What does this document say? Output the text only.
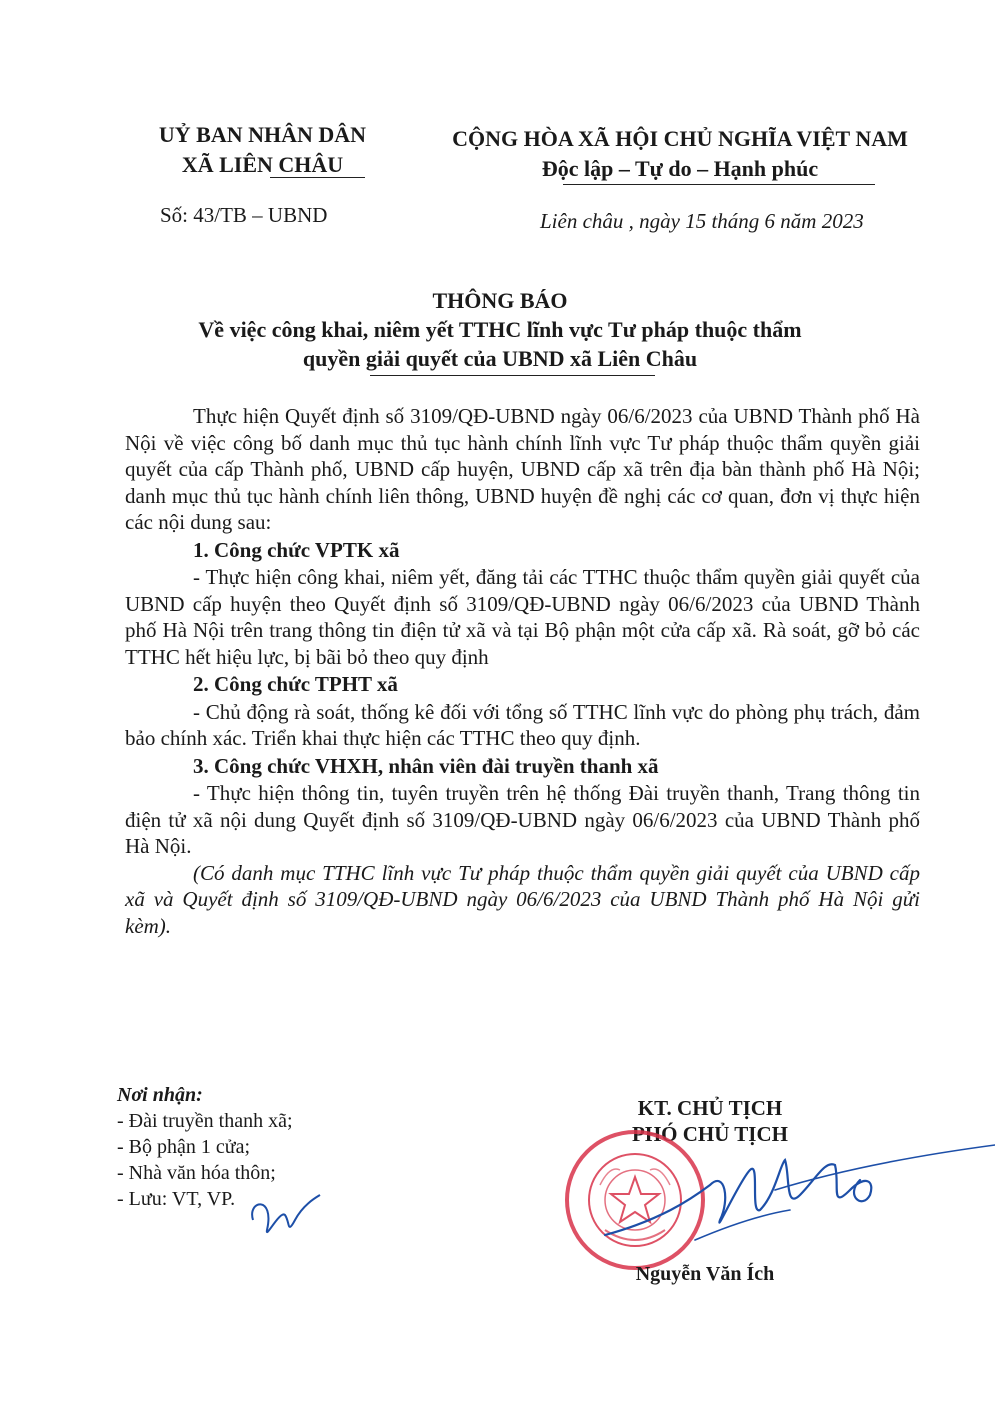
UỶ BAN NHÂN DÂN
XÃ LIÊN CHÂU
CỘNG HÒA XÃ HỘI CHỦ NGHĨA VIỆT NAM
Độc lập – Tự do – Hạnh phúc
Số: 43/TB – UBND	Liên châu , ngày 15 tháng 6 năm 2023
THÔNG BÁO
Về việc công khai, niêm yết TTHC lĩnh vực Tư pháp thuộc thẩm
quyền giải quyết của UBND xã Liên Châu

Thực hiện Quyết định số 3109/QĐ-UBND ngày 06/6/2023 của UBND Thành phố Hà Nội về việc công bố danh mục thủ tục hành chính lĩnh vực Tư pháp thuộc thẩm quyền giải quyết của cấp Thành phố, UBND cấp huyện, UBND cấp xã trên địa bàn thành phố Hà Nội; danh mục thủ tục hành chính liên thông, UBND huyện đề nghị các cơ quan, đơn vị thực hiện các nội dung sau:

1. Công chức VPTK xã

- Thực hiện công khai, niêm yết, đăng tải các TTHC thuộc thẩm quyền giải quyết của UBND cấp huyện theo Quyết định số 3109/QĐ-UBND ngày 06/6/2023 của UBND Thành phố Hà Nội trên trang thông tin điện tử xã và tại Bộ phận một cửa cấp xã. Rà soát, gỡ bỏ các TTHC hết hiệu lực, bị bãi bỏ theo quy định

2. Công chức TPHT xã

- Chủ động rà soát, thống kê đối với tổng số TTHC lĩnh vực do phòng phụ trách, đảm bảo chính xác. Triển khai thực hiện các TTHC theo quy định.

3. Công chức VHXH, nhân viên đài truyền thanh xã

- Thực hiện thông tin, tuyên truyền trên hệ thống Đài truyền thanh, Trang thông tin điện tử xã nội dung Quyết định số 3109/QĐ-UBND ngày 06/6/2023 của UBND Thành phố Hà Nội.

(Có danh mục TTHC lĩnh vực Tư pháp thuộc thẩm quyền giải quyết của UBND cấp xã và Quyết định số 3109/QĐ-UBND ngày 06/6/2023 của UBND Thành phố Hà Nội gửi kèm).

Nơi nhận:
- Đài truyền thanh xã;
- Bộ phận 1 cửa;
- Nhà văn hóa thôn;
- Lưu: VT, VP.
KT. CHỦ TỊCH
PHÓ CHỦ TỊCH
Nguyễn Văn Ích
